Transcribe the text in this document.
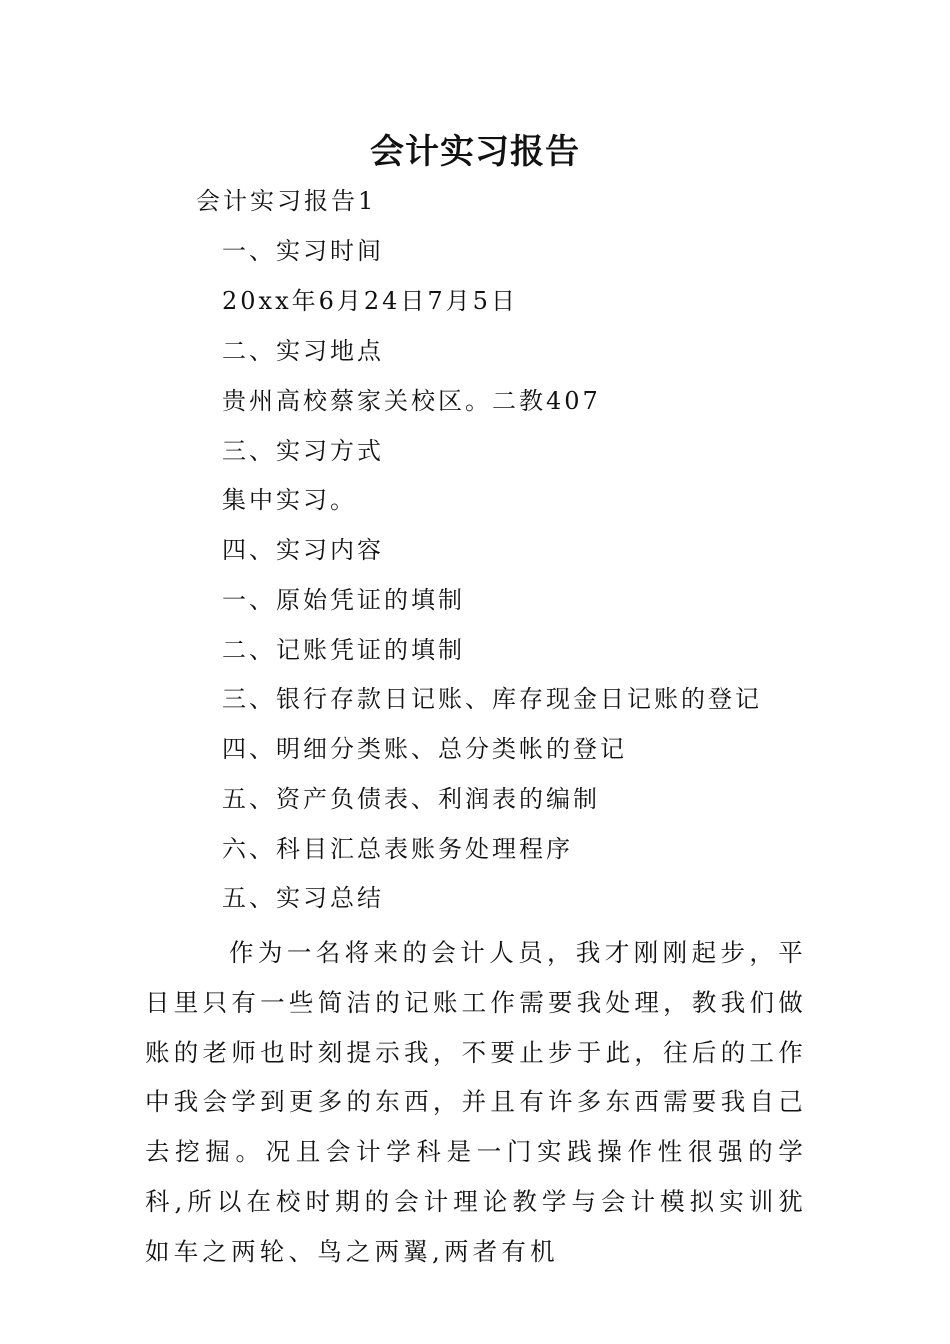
会计实习报告
会计实习报告1
一、实习时间
20xx年6月24日7月5日
二、实习地点
贵州高校蔡家关校区。二教407
三、实习方式
集中实习。
四、实习内容
一、原始凭证的填制
二、记账凭证的填制
三、银行存款日记账、库存现金日记账的登记
四、明细分类账、总分类帐的登记
五、资产负债表、利润表的编制
六、科目汇总表账务处理程序
五、实习总结

作为一名将来的会计人员，我才刚刚起步，平日里只有一些简洁的记账工作需要我处理，教我们做账的老师也时刻提示我，不要止步于此，往后的工作中我会学到更多的东西，并且有许多东西需要我自己去挖掘。况且会计学科是一门实践操作性很强的学科,所以在校时期的会计理论教学与会计模拟实训犹如车之两轮、鸟之两翼,两者有机
